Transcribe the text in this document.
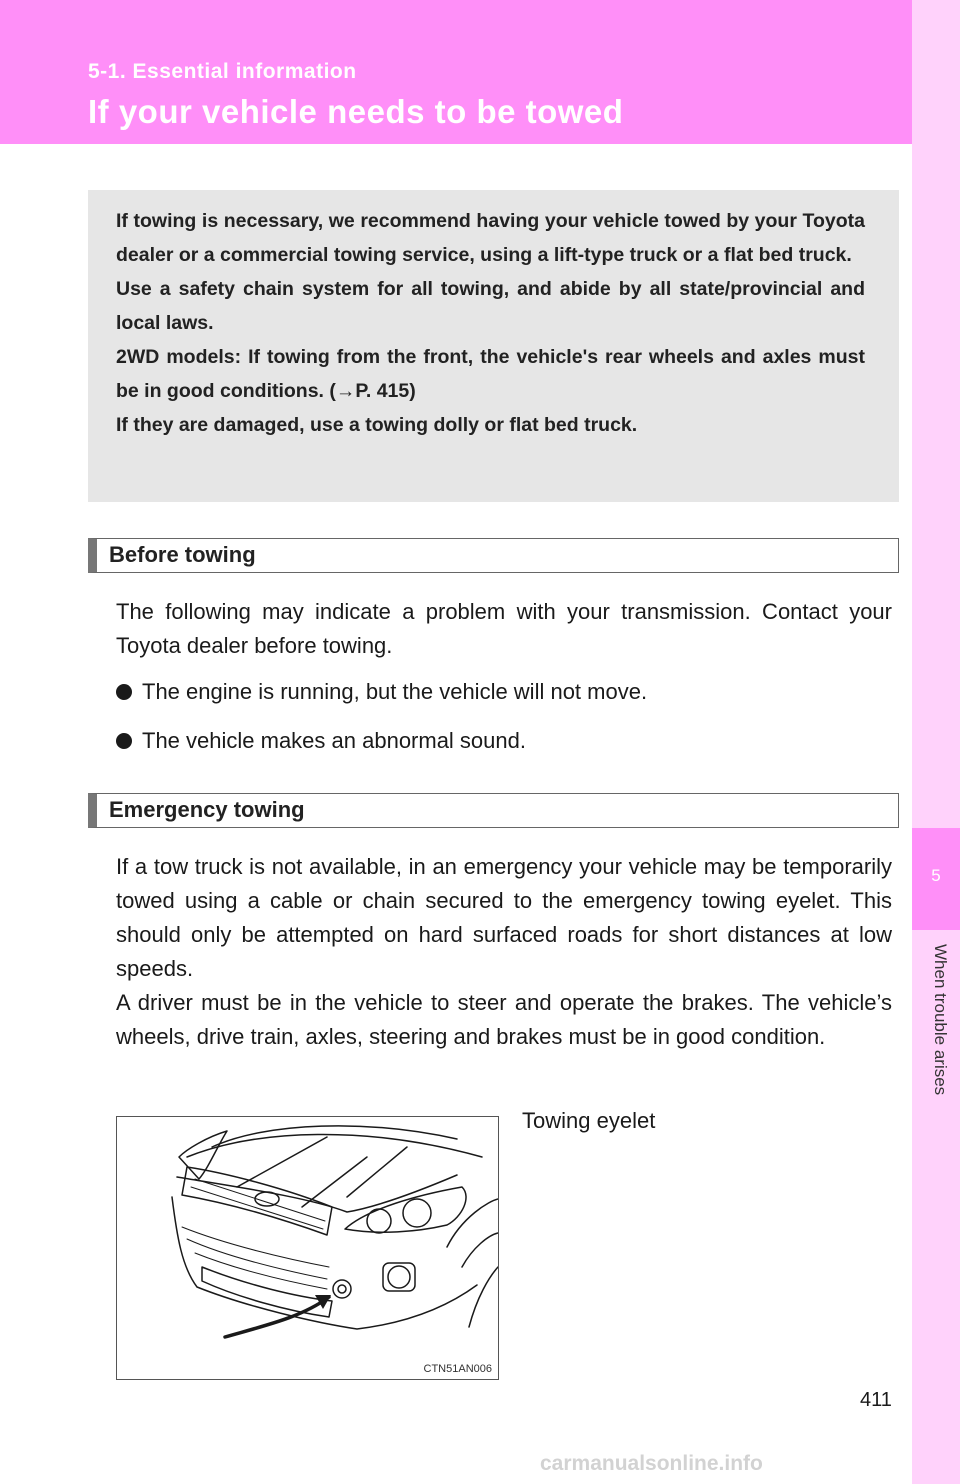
5-1. Essential information
If your vehicle needs to be towed
5
When trouble arises

If towing is necessary, we recommend having your vehicle towed by your Toyota dealer or a commercial towing service, using a lift-type truck or a flat bed truck.

Use a safety chain system for all towing, and abide by all state/provincial and local laws.

2WD models: If towing from the front, the vehicle's rear wheels and axles must be in good conditions. (→P. 415)

If they are damaged, use a towing dolly or flat bed truck.

Before towing

The following may indicate a problem with your transmission. Contact your Toyota dealer before towing.

The engine is running, but the vehicle will not move.
The vehicle makes an abnormal sound.
Emergency towing

If a tow truck is not available, in an emergency your vehicle may be temporarily towed using a cable or chain secured to the emergency towing eyelet. This should only be attempted on hard surfaced roads for short distances at low speeds.

A driver must be in the vehicle to steer and operate the brakes. The vehicle’s wheels, drive train, axles, steering and brakes must be in good condition.

CTN51AN006
Towing eyelet
411
carmanualsonline.info
